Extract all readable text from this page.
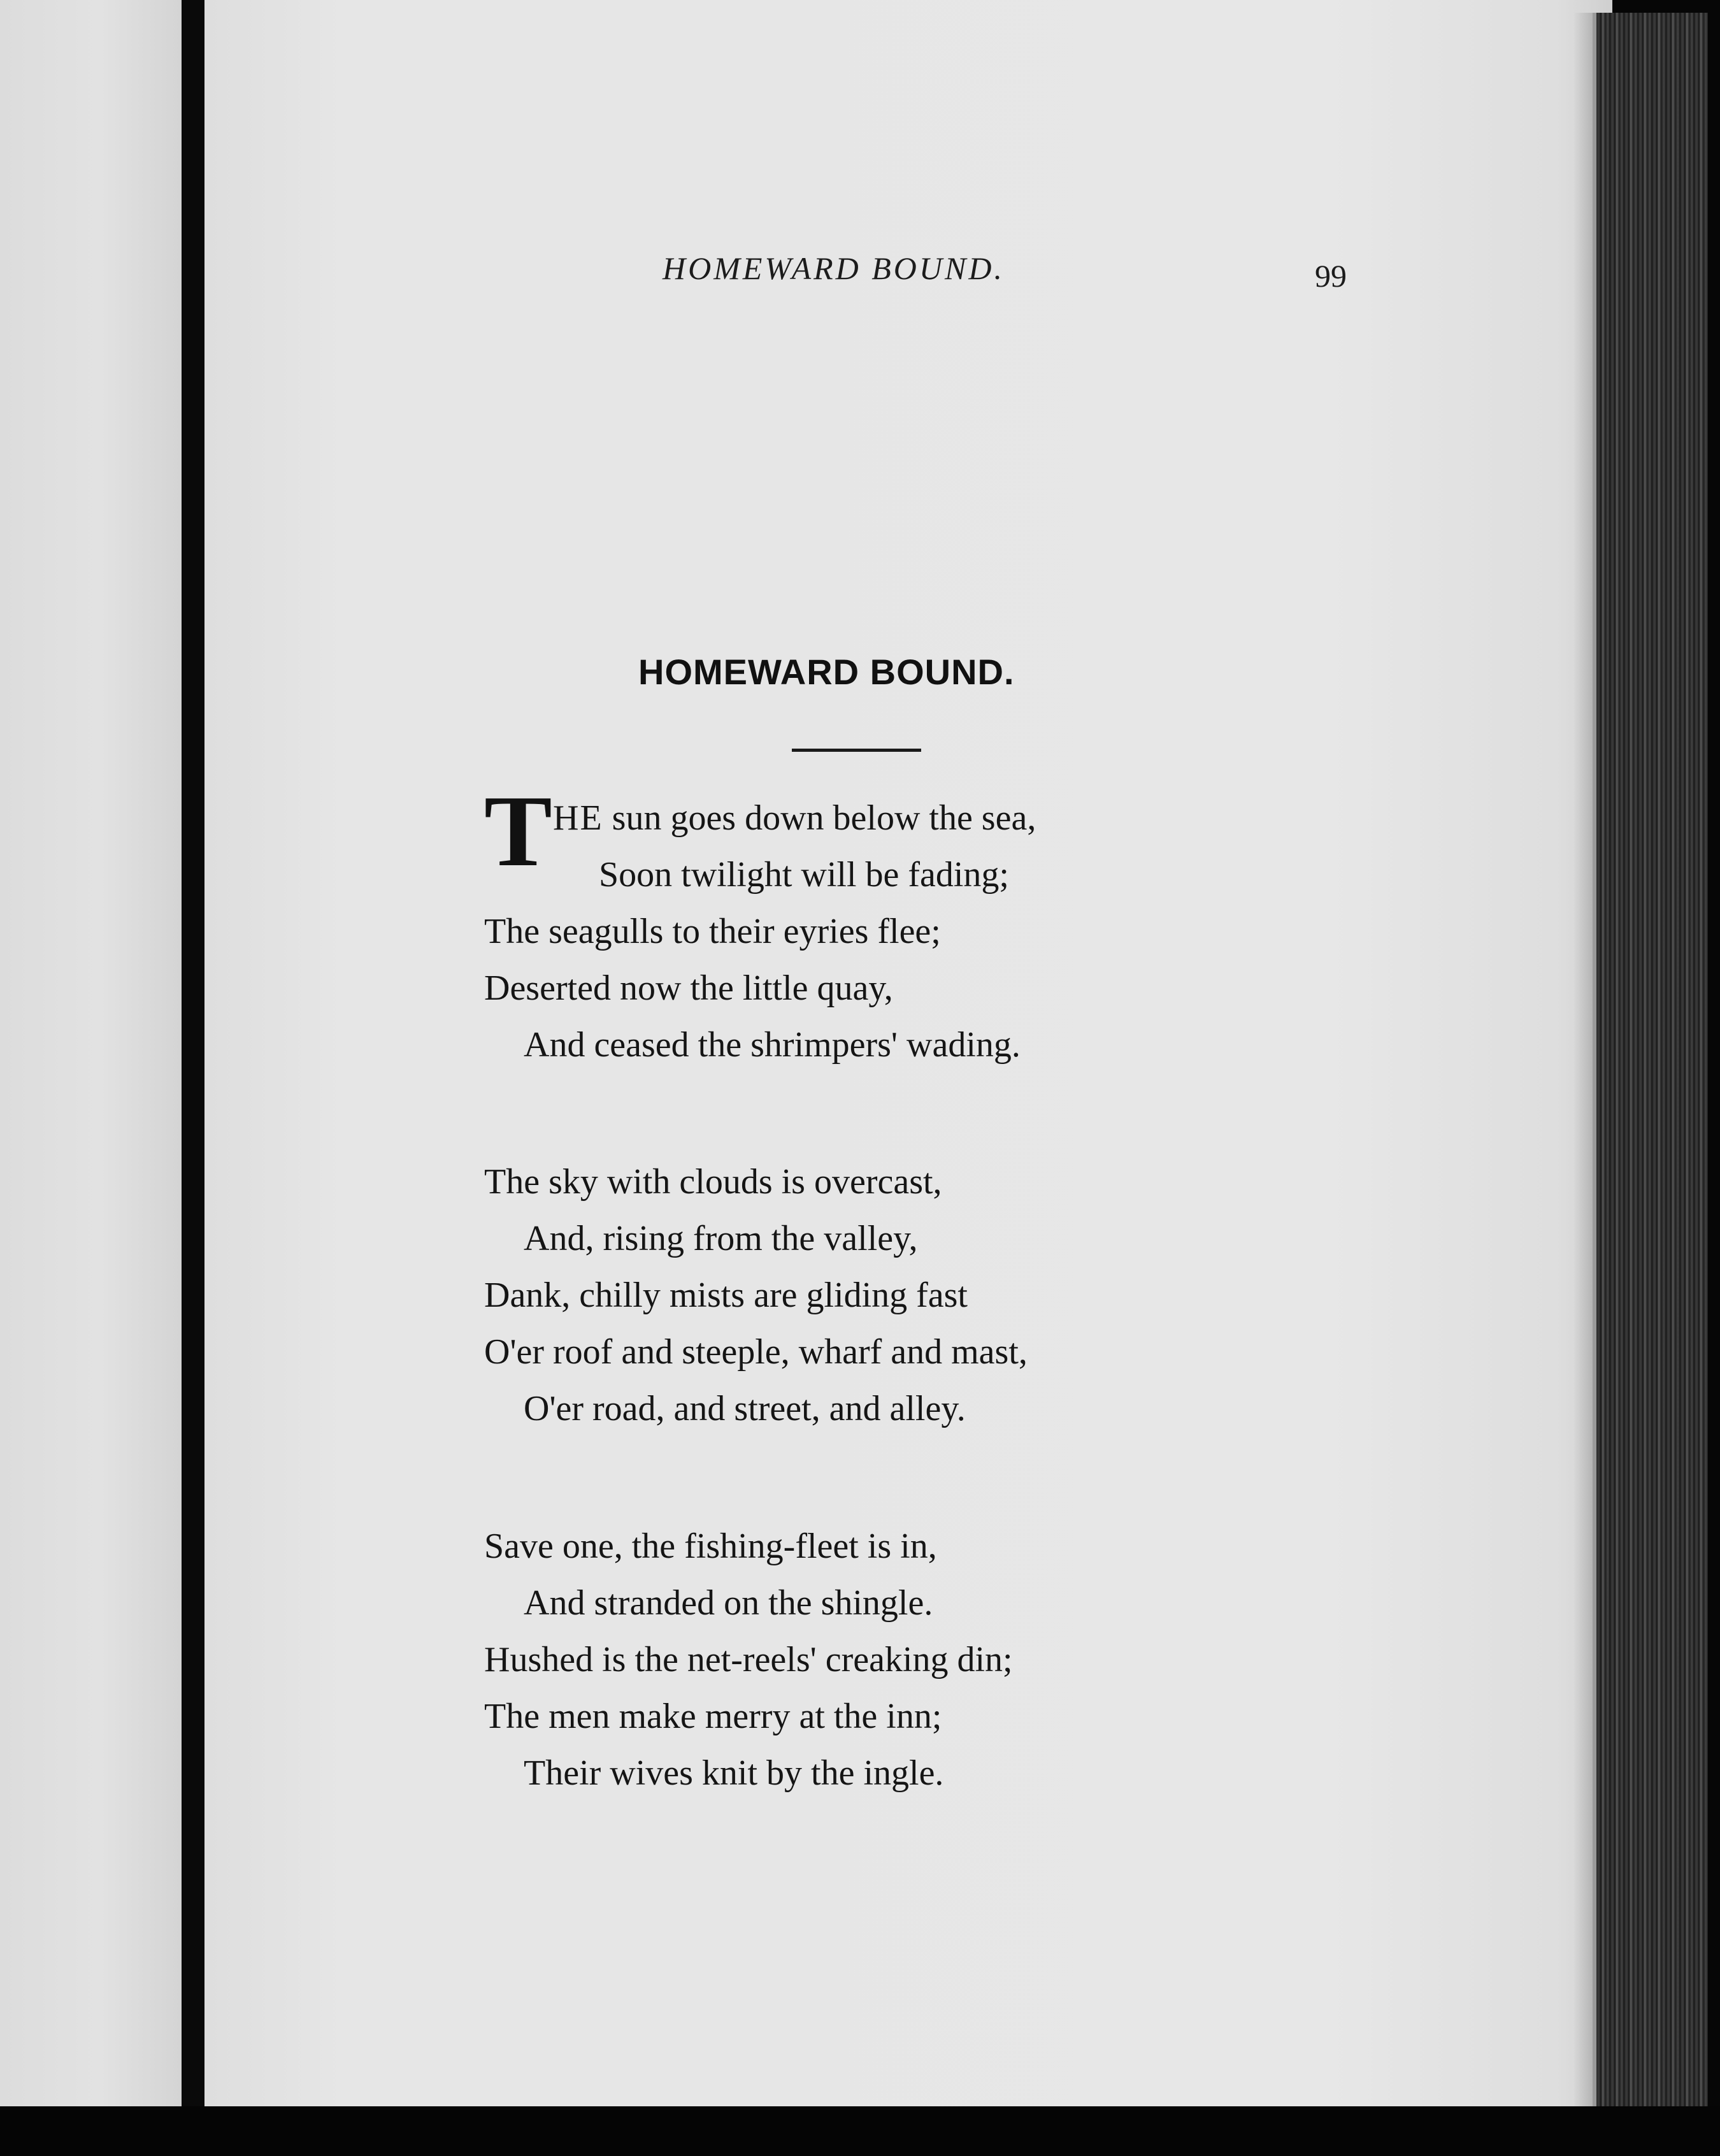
HOMEWARD BOUND.	99
HOMEWARD BOUND.
THE sun goes down below the sea,
Soon twilight will be fading;
The seagulls to their eyries flee;
Deserted now the little quay,
And ceased the shrimpers' wading.
The sky with clouds is overcast,
And, rising from the valley,
Dank, chilly mists are gliding fast
O'er roof and steeple, wharf and mast,
O'er road, and street, and alley.
Save one, the fishing-fleet is in,
And stranded on the shingle.
Hushed is the net-reels' creaking din;
The men make merry at the inn;
Their wives knit by the ingle.
